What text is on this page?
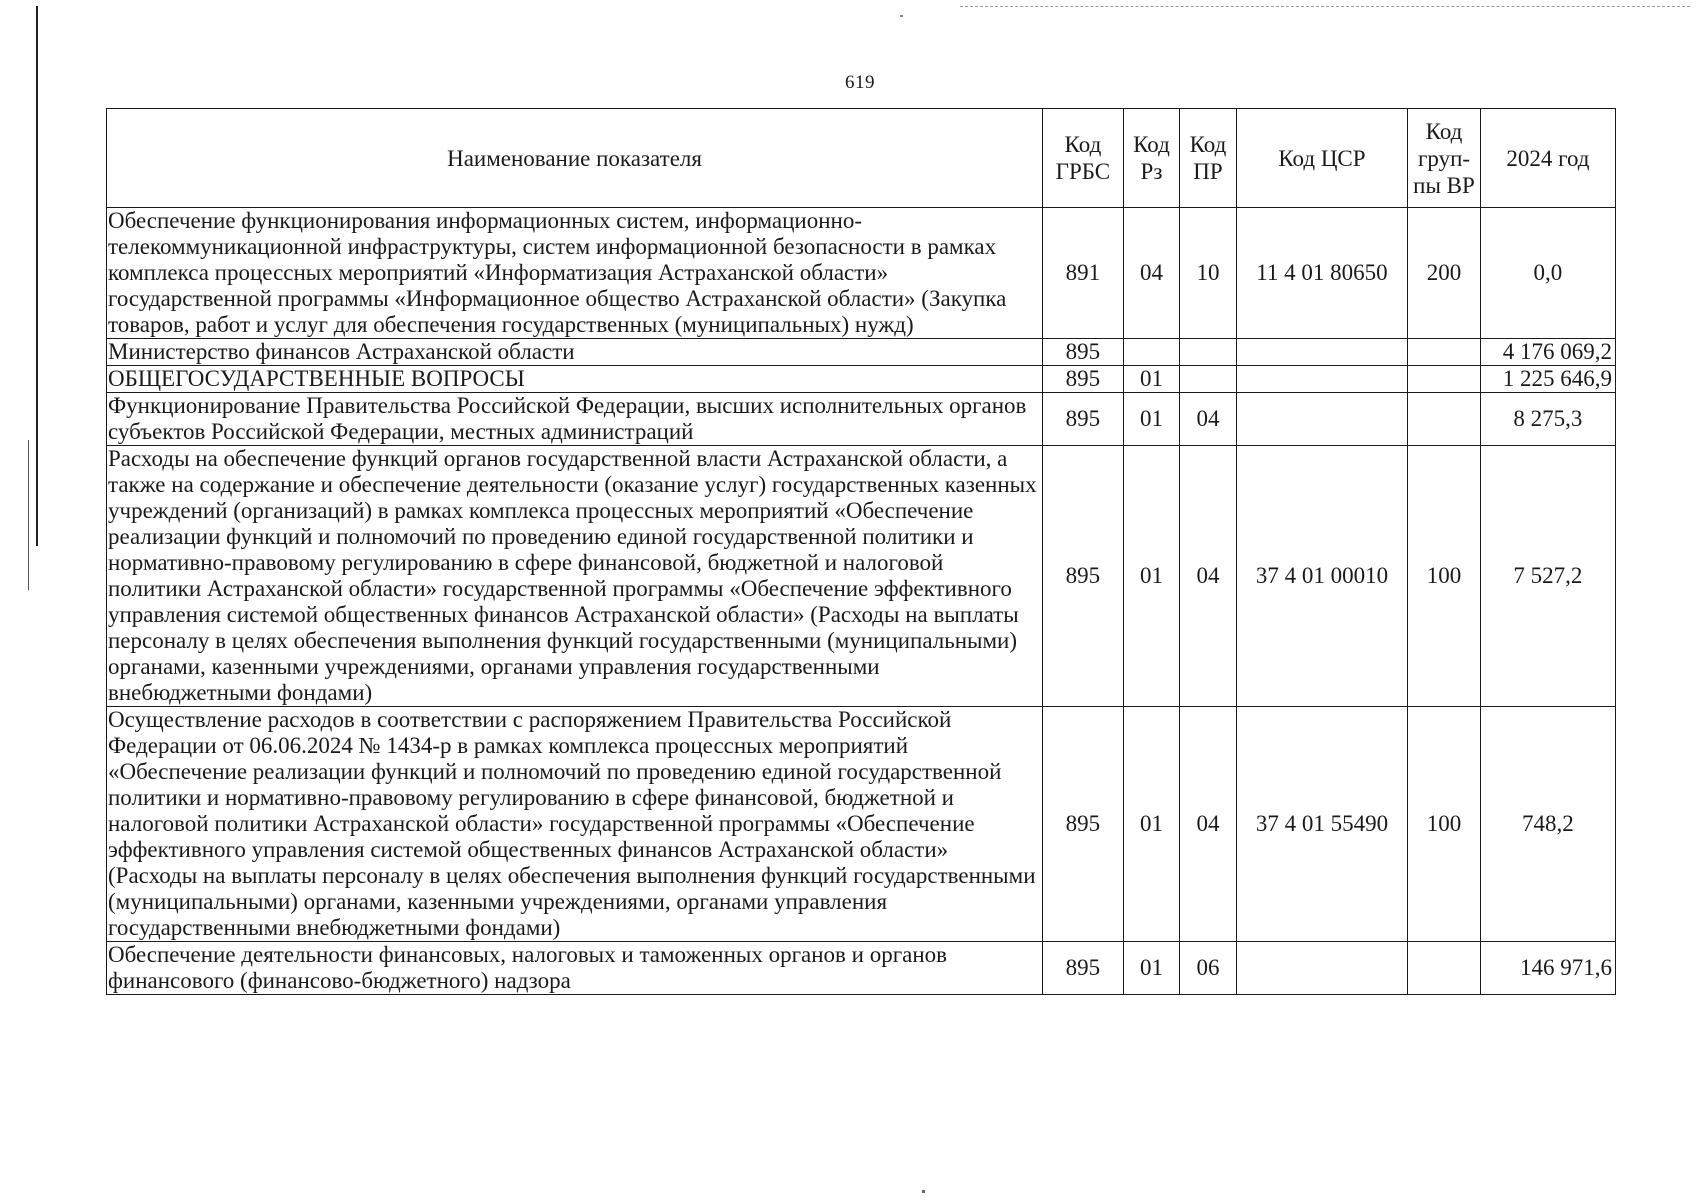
619
Наименование показателя	Код ГРБС	Код Рз	Код ПР	Код ЦСР	Код груп-пы ВР	2024 год
Обеспечение функционирования информационных систем, информационно-телекоммуникационной инфраструктуры, систем информационной безопасности в рамках комплекса процессных мероприятий «Информатизация Астраханской области» государственной программы «Информационное общество Астраханской области» (Закупка товаров, работ и услуг для обеспечения государственных (муниципальных) нужд)	891	04	10	11 4 01 80650	200	0,0
Министерство финансов Астраханской области	895					4 176 069,2
ОБЩЕГОСУДАРСТВЕННЫЕ ВОПРОСЫ	895	01				1 225 646,9
Функционирование Правительства Российской Федерации, высших исполнительных органов субъектов Российской Федерации, местных администраций	895	01	04			8 275,3
Расходы на обеспечение функций органов государственной власти Астраханской области, а также на содержание и обеспечение деятельности (оказание услуг) государственных казенных учреждений (организаций) в рамках комплекса процессных мероприятий «Обеспечение реализации функций и полномочий по проведению единой государственной политики и нормативно-правовому регулированию в сфере финансовой, бюджетной и налоговой политики Астраханской области» государственной программы «Обеспечение эффективного управления системой общественных финансов Астраханской области» (Расходы на выплаты персоналу в целях обеспечения выполнения функций государственными (муниципальными) органами, казенными учреждениями, органами управления государственными внебюджетными фондами)	895	01	04	37 4 01 00010	100	7 527,2
Осуществление расходов в соответствии с распоряжением Правительства Российской Федерации от 06.06.2024 № 1434-р в рамках комплекса процессных мероприятий «Обеспечение реализации функций и полномочий по проведению единой государственной политики и нормативно-правовому регулированию в сфере финансовой, бюджетной и налоговой политики Астраханской области» государственной программы «Обеспечение эффективного управления системой общественных финансов Астраханской области» (Расходы на выплаты персоналу в целях обеспечения выполнения функций государственными (муниципальными) органами, казенными учреждениями, органами управления государственными внебюджетными фондами)	895	01	04	37 4 01 55490	100	748,2
Обеспечение деятельности финансовых, налоговых и таможенных органов и органов финансового (финансово-бюджетного) надзора	895	01	06			146 971,6
